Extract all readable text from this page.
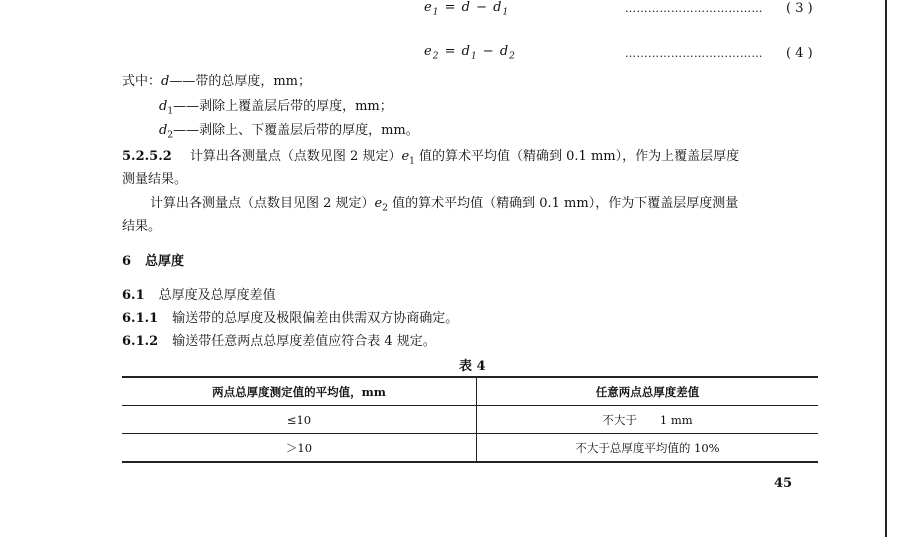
$e_1 = d - d_1$	……………………………… ( 3 )
$e_2 = d_1 - d_2$	……………………………… ( 4 )
式中：d——带的总厚度，mm；
$d_1——$剥除上覆盖层后带的厚度，mm；
$d_2——$剥除上、下覆盖层后带的厚度，mm。
5.2.5.2 计算出各测量点（点数见图 2 规定）$e_1$ 值的算术平均值（精确到 0.1 mm），作为上覆盖层厚度
测量结果。
计算出各测量点（点数目见图 2 规定）$e_2$ 值的算术平均值（精确到 0.1 mm），作为下覆盖层厚度测量
结果。
6 总厚度
6.1 总厚度及总厚度差值
6.1.1 输送带的总厚度及极限偏差由供需双方协商确定。
6.1.2 输送带任意两点总厚度差值应符合表 4 规定。
表 4
两点总厚度测定值的平均值，mm	任意两点总厚度差值
≤10	不大于　　1 mm
＞10	不大于总厚度平均值的 10%
45
